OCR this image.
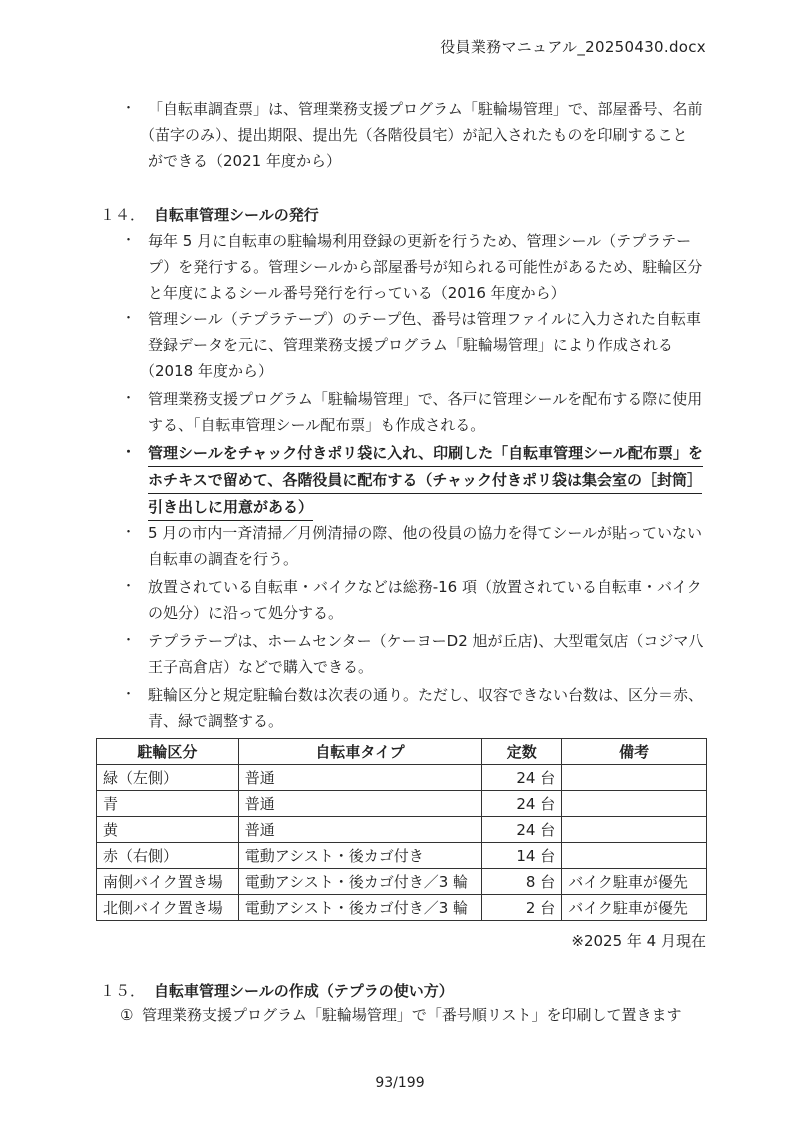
役員業務マニュアル_20250430.docx
・ 「自転車調査票」は、管理業務支援プログラム「駐輪場管理」で、部屋番号、名前
（苗字のみ）、提出期限、提出先（各階役員宅）が記入されたものを印刷すること
ができる（2021 年度から）
１４． 自転車管理シールの発行
・ 毎年 5 月に自転車の駐輪場利用登録の更新を行うため、管理シール（テプラテー
プ）を発行する。管理シールから部屋番号が知られる可能性があるため、駐輪区分
と年度によるシール番号発行を行っている（2016 年度から）
・ 管理シール（テプラテープ）のテープ色、番号は管理ファイルに入力された自転車
登録データを元に、管理業務支援プログラム「駐輪場管理」により作成される
（2018 年度から）
・ 管理業務支援プログラム「駐輪場管理」で、各戸に管理シールを配布する際に使用
する、「自転車管理シール配布票」も作成される。
・ 管理シールをチャック付きポリ袋に入れ、印刷した「自転車管理シール配布票」を
ホチキスで留めて、各階役員に配布する（チャック付きポリ袋は集会室の［封筒］
引き出しに用意がある）
・ 5 月の市内一斉清掃／月例清掃の際、他の役員の協力を得てシールが貼っていない
自転車の調査を行う。
・ 放置されている自転車・バイクなどは総務-16 項（放置されている自転車・バイク
の処分）に沿って処分する。
・ テプラテープは、ホームセンター（ケーヨーD2 旭が丘店)、大型電気店（コジマ八
王子高倉店）などで購入できる。
・ 駐輪区分と規定駐輪台数は次表の通り。ただし、収容できない台数は、区分＝赤、
青、緑で調整する。
駐輪区分	自転車タイプ	定数	備考
緑（左側）	普通	24 台	
青	普通	24 台	
黄	普通	24 台	
赤（右側）	電動アシスト・後カゴ付き	14 台	
南側バイク置き場	電動アシスト・後カゴ付き／3 輪	8 台	バイク駐車が優先
北側バイク置き場	電動アシスト・後カゴ付き／3 輪	2 台	バイク駐車が優先
※2025 年 4 月現在
１５． 自転車管理シールの作成（テプラの使い方）
① 管理業務支援プログラム「駐輪場管理」で「番号順リスト」を印刷して置きます
93/199
